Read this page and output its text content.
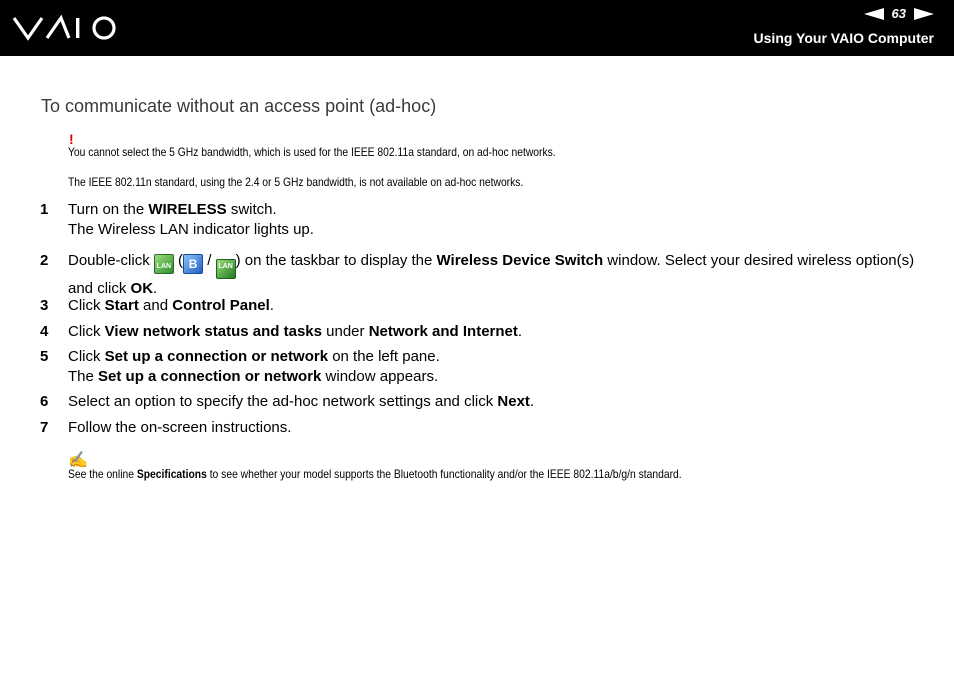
63
Using Your VAIO Computer
To communicate without an access point (ad-hoc)
!
You cannot select the 5 GHz bandwidth, which is used for the IEEE 802.11a standard, on ad-hoc networks.
The IEEE 802.11n standard, using the 2.4 or 5 GHz bandwidth, is not available on ad-hoc networks.
1 Turn on the WIRELESS switch.
The Wireless LAN indicator lights up.
2 Double-click LAN ( B / LAN ) on the taskbar to display the Wireless Device Switch window. Select your desired wireless option(s) and click OK.
3 Click Start and Control Panel.
4 Click View network status and tasks under Network and Internet.
5 Click Set up a connection or network on the left pane.
The Set up a connection or network window appears.
6 Select an option to specify the ad-hoc network settings and click Next.
7 Follow the on-screen instructions.
✍
See the online Specifications to see whether your model supports the Bluetooth functionality and/or the IEEE 802.11a/b/g/n standard.
